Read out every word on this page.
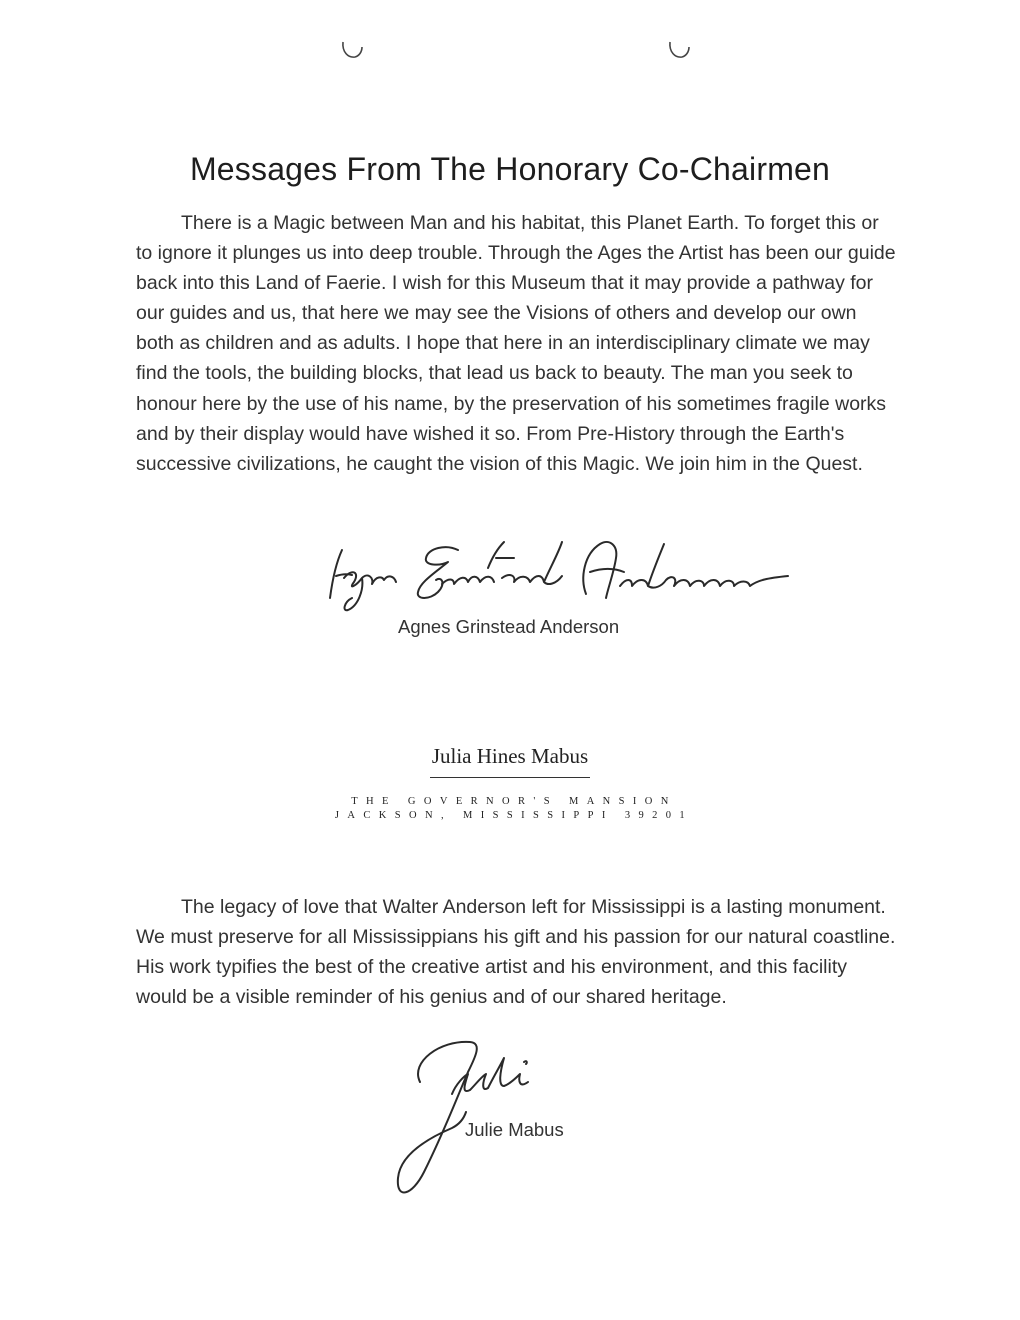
Messages From The Honorary Co-Chairmen

There is a Magic between Man and his habitat, this Planet Earth. To forget this or to ignore it plunges us into deep trouble. Through the Ages the Artist has been our guide back into this Land of Faerie. I wish for this Museum that it may provide a pathway for our guides and us, that here we may see the Visions of others and develop our own both as children and as adults. I hope that here in an interdisciplinary climate we may find the tools, the building blocks, that lead us back to beauty. The man you seek to honour here by the use of his name, by the preservation of his sometimes fragile works and by their display would have wished it so. From Pre-History through the Earth's successive civilizations, he caught the vision of this Magic. We join him in the Quest.

Agnes Grinstead Anderson
Julia Hines Mabus
THE GOVERNOR'S MANSION
JACKSON, MISSISSIPPI 39201

The legacy of love that Walter Anderson left for Mississippi is a lasting monument. We must preserve for all Mississippians his gift and his passion for our natural coastline. His work typifies the best of the creative artist and his environment, and this facility would be a visible reminder of his genius and of our shared heritage.

Julie Mabus
